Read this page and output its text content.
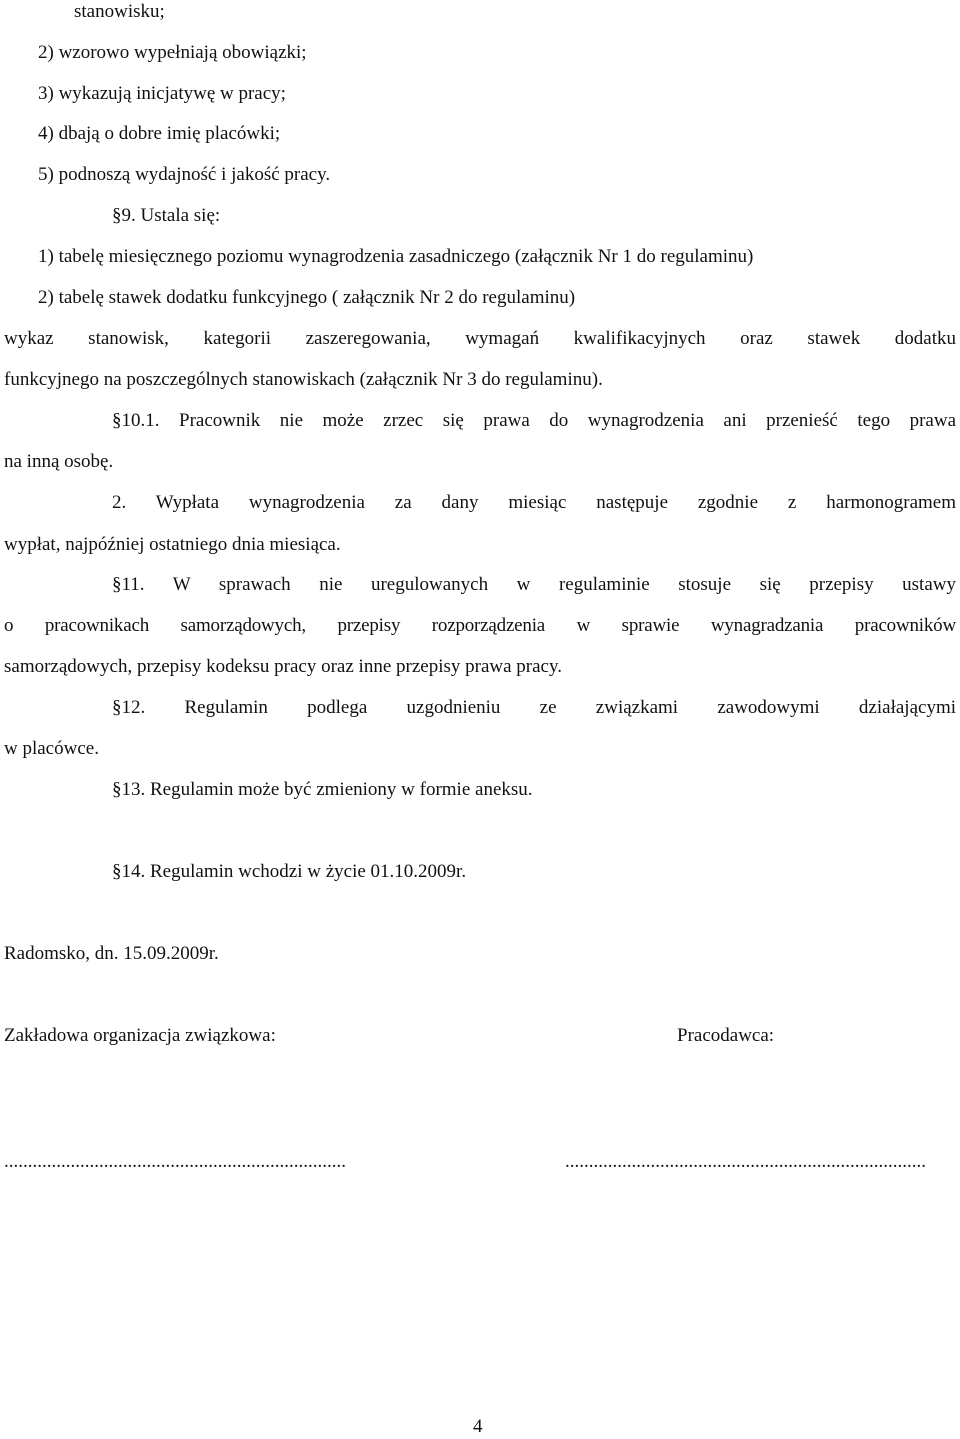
stanowisku;
2) wzorowo wypełniają obowiązki;
3) wykazują inicjatywę w pracy;
4) dbają o dobre imię placówki;
5) podnoszą wydajność i jakość pracy.
§9. Ustala się:
1) tabelę miesięcznego poziomu wynagrodzenia zasadniczego (załącznik Nr 1 do regulaminu)
2) tabelę stawek dodatku funkcyjnego ( załącznik Nr 2 do regulaminu)
wykaz stanowisk, kategorii zaszeregowania, wymagań kwalifikacyjnych oraz stawek dodatku
funkcyjnego na poszczególnych stanowiskach (załącznik Nr 3 do regulaminu).
§10.1. Pracownik nie może zrzec się prawa do wynagrodzenia ani przenieść tego prawa
na inną osobę.
2. Wypłata wynagrodzenia za dany miesiąc następuje zgodnie z harmonogramem
wypłat, najpóźniej ostatniego dnia miesiąca.
§11. W sprawach nie uregulowanych w regulaminie stosuje się przepisy ustawy
o pracownikach samorządowych, przepisy rozporządzenia w sprawie wynagradzania pracowników
samorządowych, przepisy kodeksu pracy oraz inne przepisy prawa pracy.
§12. Regulamin podlega uzgodnieniu ze związkami zawodowymi działającymi
w placówce.
§13. Regulamin może być zmieniony w formie aneksu.
§14. Regulamin wchodzi w życie 01.10.2009r.
Radomsko, dn. 15.09.2009r.
Zakładowa organizacja związkowa:	Pracodawca:
........................................................................	............................................................................
4
